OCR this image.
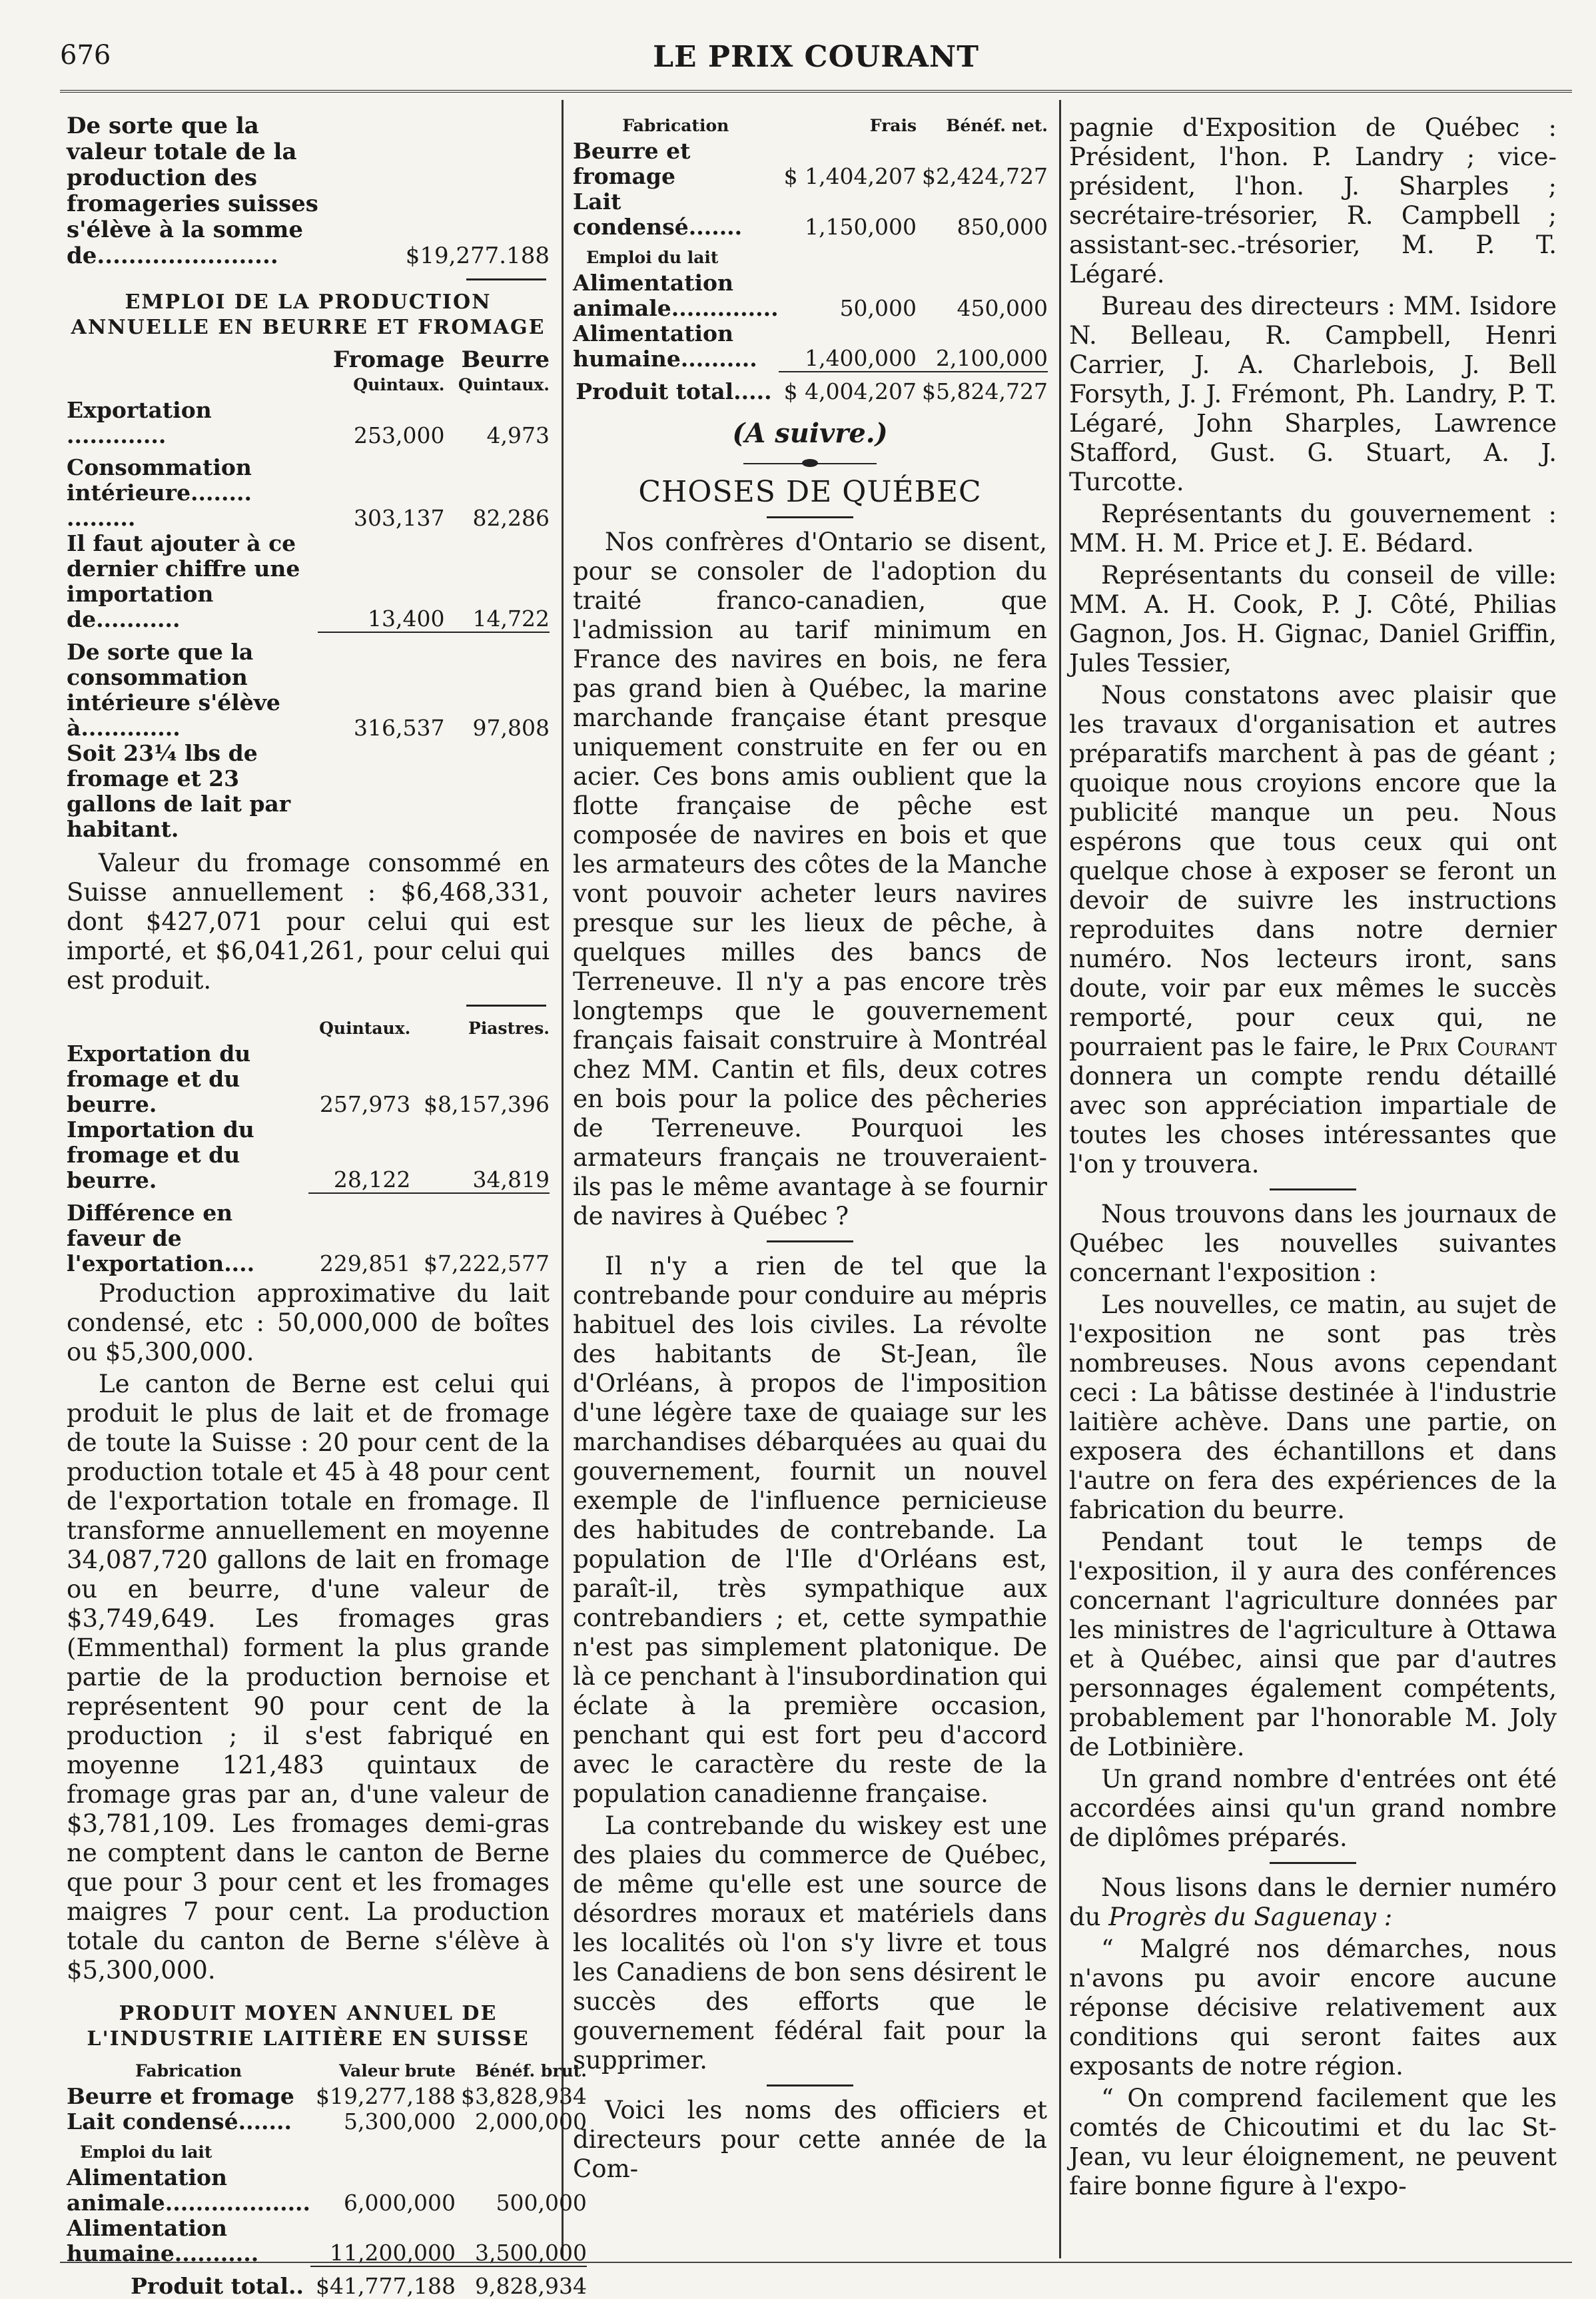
676	LE PRIX COURANT
De sorte que la valeur totale de la production des fromageries suisses s'élève à la somme de.......................	$19,277.188
EMPLOI DE LA PRODUCTION ANNUELLE EN BEURRE ET FROMAGE
	Fromage	Beurre
	Quintaux.	Quintaux.
Exportation .............	253,000	4,973

Consommation intérieure........ .........	303,137	82,286
Il faut ajouter à ce dernier chiffre une importation de...........	13,400	14,722

De sorte que la consommation intérieure s'élève à.............	316,537	97,808
Soit 23¼ lbs de fromage et 23 gallons de lait par habitant.		

Valeur du fromage consommé en Suisse annuellement : $6,468,331, dont $427,071 pour celui qui est importé, et $6,041,261, pour celui qui est produit.

	Quintaux.	Piastres.
Exportation du fromage et du beurre.	257,973	$8,157,396
Importation du fromage et du beurre.	28,122	34,819

Différence en faveur de l'exportation....	229,851	$7,222,577

Production approximative du lait condensé, etc : 50,000,000 de boîtes ou $5,300,000.

Le canton de Berne est celui qui produit le plus de lait et de fromage de toute la Suisse : 20 pour cent de la production totale et 45 à 48 pour cent de l'exportation totale en fromage. Il transforme annuellement en moyenne 34,087,720 gallons de lait en fromage ou en beurre, d'une valeur de $3,749,649. Les fromages gras (Emmenthal) forment la plus grande partie de la production bernoise et représentent 90 pour cent de la production ; il s'est fabriqué en moyenne 121,483 quintaux de fromage gras par an, d'une valeur de $3,781,109. Les fromages demi-gras ne comptent dans le canton de Berne que pour 3 pour cent et les fromages maigres 7 pour cent. La production totale du canton de Berne s'élève à $5,300,000.

PRODUIT MOYEN ANNUEL DE L'INDUSTRIE LAITIÈRE EN SUISSE
Fabrication	Valeur brute	Bénéf. brut.
Beurre et fromage	$19,277,188	$3,828,934
Lait condensé.......	5,300,000	2,000,000
Emploi du lait		
Alimentation animale...................	6,000,000	500,000
Alimentation humaine...........	11,200,000	3,500,000

Produit total..	$41,777,188	9,828,934
Fabrication	Frais	Bénéf. net.
Beurre et fromage	$ 1,404,207	$2,424,727
Lait condensé.......	1,150,000	850,000
Emploi du lait		
Alimentation animale..............	50,000	450,000
Alimentation humaine..........	1,400,000	2,100,000

Produit total.....	$ 4,004,207	$5,824,727
(A suivre.)
CHOSES DE QUÉBEC

Nos confrères d'Ontario se disent, pour se consoler de l'adoption du traité franco-canadien, que l'admission au tarif minimum en France des navires en bois, ne fera pas grand bien à Québec, la marine marchande française étant presque uniquement construite en fer ou en acier. Ces bons amis oublient que la flotte française de pêche est composée de navires en bois et que les armateurs des côtes de la Manche vont pouvoir acheter leurs navires presque sur les lieux de pêche, à quelques milles des bancs de Terreneuve. Il n'y a pas encore très longtemps que le gouvernement français faisait construire à Montréal chez MM. Cantin et fils, deux cotres en bois pour la police des pêcheries de Terreneuve. Pourquoi les armateurs français ne trouveraient-ils pas le même avantage à se fournir de navires à Québec ?

Il n'y a rien de tel que la contrebande pour conduire au mépris habituel des lois civiles. La révolte des habitants de St-Jean, île d'Orléans, à propos de l'imposition d'une légère taxe de quaiage sur les marchandises débarquées au quai du gouvernement, fournit un nouvel exemple de l'influence pernicieuse des habitudes de contrebande. La population de l'Ile d'Orléans est, paraît-il, très sympathique aux contrebandiers ; et, cette sympathie n'est pas simplement platonique. De là ce penchant à l'insubordination qui éclate à la première occasion, penchant qui est fort peu d'accord avec le caractère du reste de la population canadienne française.

La contrebande du wiskey est une des plaies du commerce de Québec, de même qu'elle est une source de désordres moraux et matériels dans les localités où l'on s'y livre et tous les Canadiens de bon sens désirent le succès des efforts que le gouvernement fédéral fait pour la supprimer.

Voici les noms des officiers et directeurs pour cette année de la Com-

pagnie d'Exposition de Québec : Président, l'hon. P. Landry ; vice-président, l'hon. J. Sharples ; secrétaire-trésorier, R. Campbell ; assistant-sec.-trésorier, M. P. T. Légaré.

Bureau des directeurs : MM. Isidore N. Belleau, R. Campbell, Henri Carrier, J. A. Charlebois, J. Bell Forsyth, J. J. Frémont, Ph. Landry, P. T. Légaré, John Sharples, Lawrence Stafford, Gust. G. Stuart, A. J. Turcotte.

Représentants du gouvernement : MM. H. M. Price et J. E. Bédard.

Représentants du conseil de ville: MM. A. H. Cook, P. J. Côté, Philias Gagnon, Jos. H. Gignac, Daniel Griffin, Jules Tessier,

Nous constatons avec plaisir que les travaux d'organisation et autres préparatifs marchent à pas de géant ; quoique nous croyions encore que la publicité manque un peu. Nous espérons que tous ceux qui ont quelque chose à exposer se feront un devoir de suivre les instructions reproduites dans notre dernier numéro. Nos lecteurs iront, sans doute, voir par eux mêmes le succès remporté, pour ceux qui, ne pourraient pas le faire, le Prix Courant donnera un compte rendu détaillé avec son appréciation impartiale de toutes les choses intéressantes que l'on y trouvera.

Nous trouvons dans les journaux de Québec les nouvelles suivantes concernant l'exposition :

Les nouvelles, ce matin, au sujet de l'exposition ne sont pas très nombreuses. Nous avons cependant ceci : La bâtisse destinée à l'industrie laitière achève. Dans une partie, on exposera des échantillons et dans l'autre on fera des expériences de la fabrication du beurre.

Pendant tout le temps de l'exposition, il y aura des conférences concernant l'agriculture données par les ministres de l'agriculture à Ottawa et à Québec, ainsi que par d'autres personnages également compétents, probablement par l'honorable M. Joly de Lotbinière.

Un grand nombre d'entrées ont été accordées ainsi qu'un grand nombre de diplômes préparés.

Nous lisons dans le dernier numéro du Progrès du Saguenay :

“ Malgré nos démarches, nous n'avons pu avoir encore aucune réponse décisive relativement aux conditions qui seront faites aux exposants de notre région.

“ On comprend facilement que les comtés de Chicoutimi et du lac St-Jean, vu leur éloignement, ne peuvent faire bonne figure à l'expo-
